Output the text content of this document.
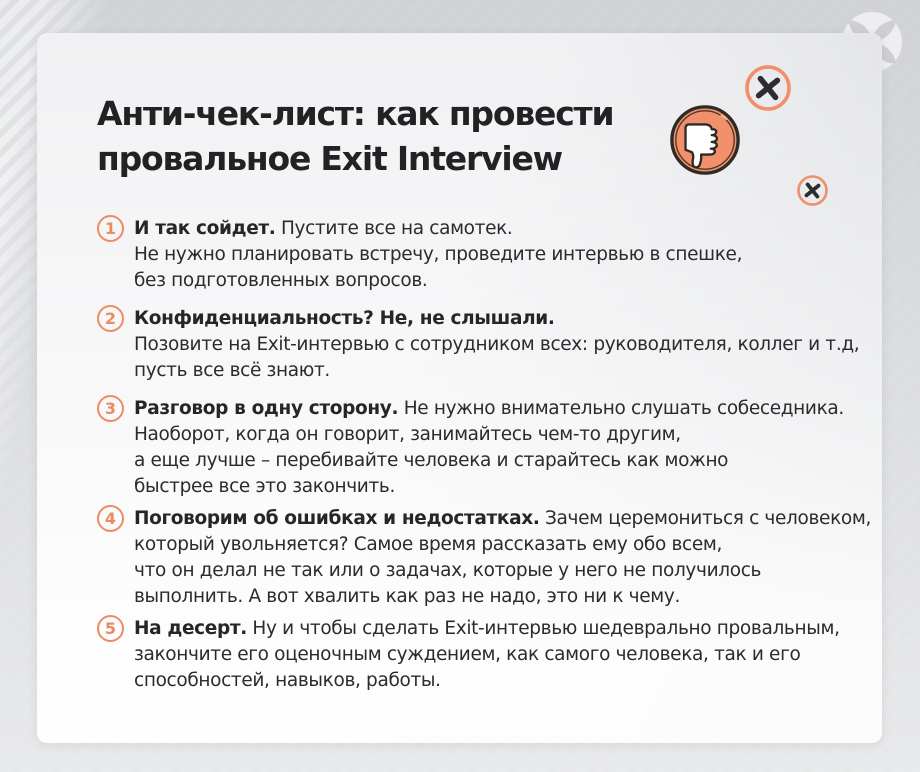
Анти-чек-лист: как провести
провальное Exit Interview
1 И так сойдет. Пустите все на самотек.
Не нужно планировать встречу, проведите интервью в спешке,
без подготовленных вопросов.
2 Конфиденциальность? Не, не слышали.
Позовите на Exit-интервью с сотрудником всех: руководителя, коллег и т.д,
пусть все всё знают.
3 Разговор в одну сторону. Не нужно внимательно слушать собеседника.
Наоборот, когда он говорит, занимайтесь чем-то другим,
а еще лучше – перебивайте человека и старайтесь как можно
быстрее все это закончить.
4 Поговорим об ошибках и недостатках. Зачем церемониться с человеком,
который увольняется? Самое время рассказать ему обо всем,
что он делал не так или о задачах, которые у него не получилось
выполнить. А вот хвалить как раз не надо, это ни к чему.
5 На десерт. Ну и чтобы сделать Exit-интервью шедеврально провальным,
закончите его оценочным суждением, как самого человека, так и его
способностей, навыков, работы.
